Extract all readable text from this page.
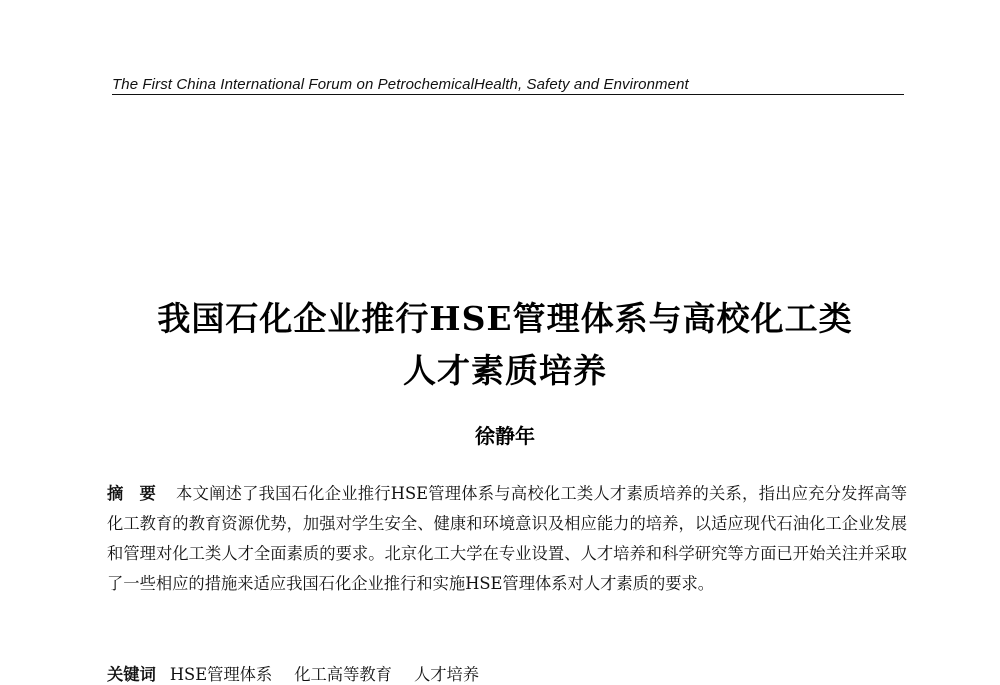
The First China International Forum on PetrochemicalHealth, Safety and Environment
我国石化企业推行HSE管理体系与高校化工类
人才素质培养
徐静年
摘要 本文阐述了我国石化企业推行HSE管理体系与高校化工类人才素质培养的关系，指出应充分发挥高等化工教育的教育资源优势，加强对学生安全、健康和环境意识及相应能力的培养，以适应现代石油化工企业发展和管理对化工类人才全面素质的要求。北京化工大学在专业设置、人才培养和科学研究等方面已开始关注并采取了一些相应的措施来适应我国石化企业推行和实施HSE管理体系对人才素质的要求。
关键词 HSE管理体系 化工高等教育 人才培养
